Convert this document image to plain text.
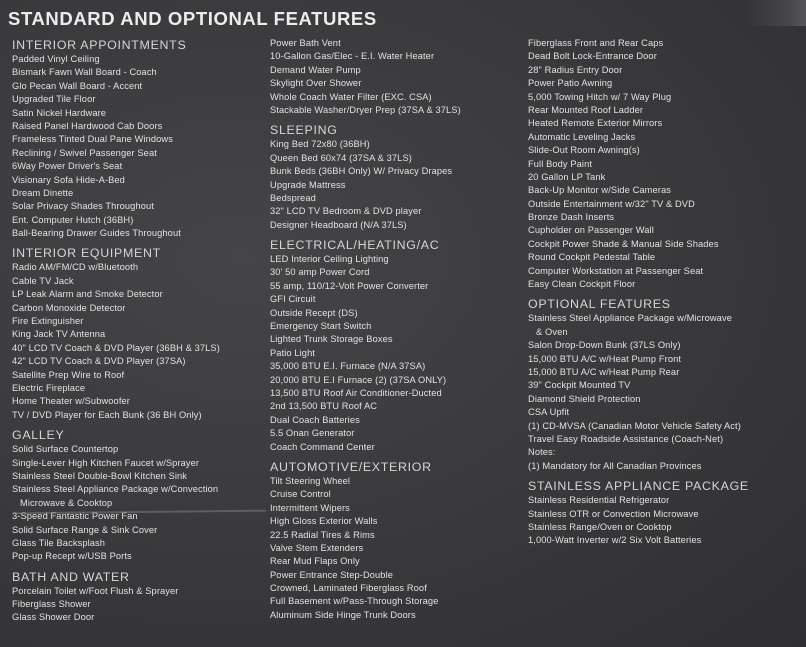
STANDARD AND OPTIONAL FEATURES
INTERIOR APPOINTMENTS
Padded Vinyl Ceiling
Bismark Fawn Wall Board - Coach
Glo Pecan Wall Board - Accent
Upgraded Tile Floor
Satin Nickel Hardware
Raised Panel Hardwood Cab Doors
Frameless Tinted Dual Pane Windows
Reclining / Swivel Passenger Seat
6Way Power Driver's Seat
Visionary Sofa Hide-A-Bed
Dream Dinette
Solar Privacy Shades Throughout
Ent. Computer Hutch (36BH)
Ball-Bearing Drawer Guides Throughout
INTERIOR EQUIPMENT
Radio AM/FM/CD w/Bluetooth
Cable TV Jack
LP Leak Alarm and Smoke Detector
Carbon Monoxide Detector
Fire Extinguisher
King Jack TV Antenna
40" LCD TV Coach & DVD Player (36BH & 37LS)
42" LCD TV Coach & DVD Player (37SA)
Satellite Prep Wire to Roof
Electric Fireplace
Home Theater w/Subwoofer
TV / DVD Player for Each Bunk (36 BH Only)
GALLEY
Solid Surface Countertop
Single-Lever High Kitchen Faucet w/Sprayer
Stainless Steel Double-Bowl Kitchen Sink
Stainless Steel Appliance Package w/Convection
Microwave & Cooktop
3-Speed Fantastic Power Fan
Solid Surface Range & Sink Cover
Glass Tile Backsplash
Pop-up Recept w/USB Ports
BATH AND WATER
Porcelain Toilet w/Foot Flush & Sprayer
Fiberglass Shower
Glass Shower Door
Power Bath Vent
10-Gallon Gas/Elec - E.I. Water Heater
Demand Water Pump
Skylight Over Shower
Whole Coach Water Filter (EXC. CSA)
Stackable Washer/Dryer Prep (37SA & 37LS)
SLEEPING
King Bed 72x80 (36BH)
Queen Bed 60x74 (37SA & 37LS)
Bunk Beds (36BH Only) W/ Privacy Drapes
Upgrade Mattress
Bedspread
32" LCD TV Bedroom & DVD player
Designer Headboard (N/A 37LS)
ELECTRICAL/HEATING/AC
LED Interior Ceiling Lighting
30' 50 amp Power Cord
55 amp, 110/12-Volt Power Converter
GFI Circuit
Outside Recept (DS)
Emergency Start Switch
Lighted Trunk Storage Boxes
Patio Light
35,000 BTU E.I. Furnace (N/A 37SA)
20,000 BTU E.I Furnace (2) (37SA ONLY)
13,500 BTU Roof Air Conditioner-Ducted
2nd 13,500 BTU Roof AC
Dual Coach Batteries
5.5 Onan Generator
Coach Command Center
AUTOMOTIVE/EXTERIOR
Tilt Steering Wheel
Cruise Control
Intermittent Wipers
High Gloss Exterior Walls
22.5 Radial Tires & Rims
Valve Stem Extenders
Rear Mud Flaps Only
Power Entrance Step-Double
Crowned, Laminated Fiberglass Roof
Full Basement w/Pass-Through Storage
Aluminum Side Hinge Trunk Doors
Fiberglass Front and Rear Caps
Dead Bolt Lock-Entrance Door
28" Radius Entry Door
Power Patio Awning
5,000 Towing Hitch w/ 7 Way Plug
Rear Mounted Roof Ladder
Heated Remote Exterior Mirrors
Automatic Leveling Jacks
Slide-Out Room Awning(s)
Full Body Paint
20 Gallon LP Tank
Back-Up Monitor w/Side Cameras
Outside Entertainment w/32" TV & DVD
Bronze Dash Inserts
Cupholder on Passenger Wall
Cockpit Power Shade & Manual Side Shades
Round Cockpit Pedestal Table
Computer Workstation at Passenger Seat
Easy Clean Cockpit Floor
OPTIONAL FEATURES
Stainless Steel Appliance Package w/Microwave
& Oven
Salon Drop-Down Bunk (37LS Only)
15,000 BTU A/C w/Heat Pump Front
15,000 BTU A/C w/Heat Pump Rear
39" Cockpit Mounted TV
Diamond Shield Protection
CSA Upfit
(1) CD-MVSA (Canadian Motor Vehicle Safety Act)
Travel Easy Roadside Assistance (Coach-Net)
Notes:
(1) Mandatory for All Canadian Provinces
STAINLESS APPLIANCE PACKAGE
Stainless Residential Refrigerator
Stainless OTR or Convection Microwave
Stainless Range/Oven or Cooktop
1,000-Watt Inverter w/2 Six Volt Batteries
